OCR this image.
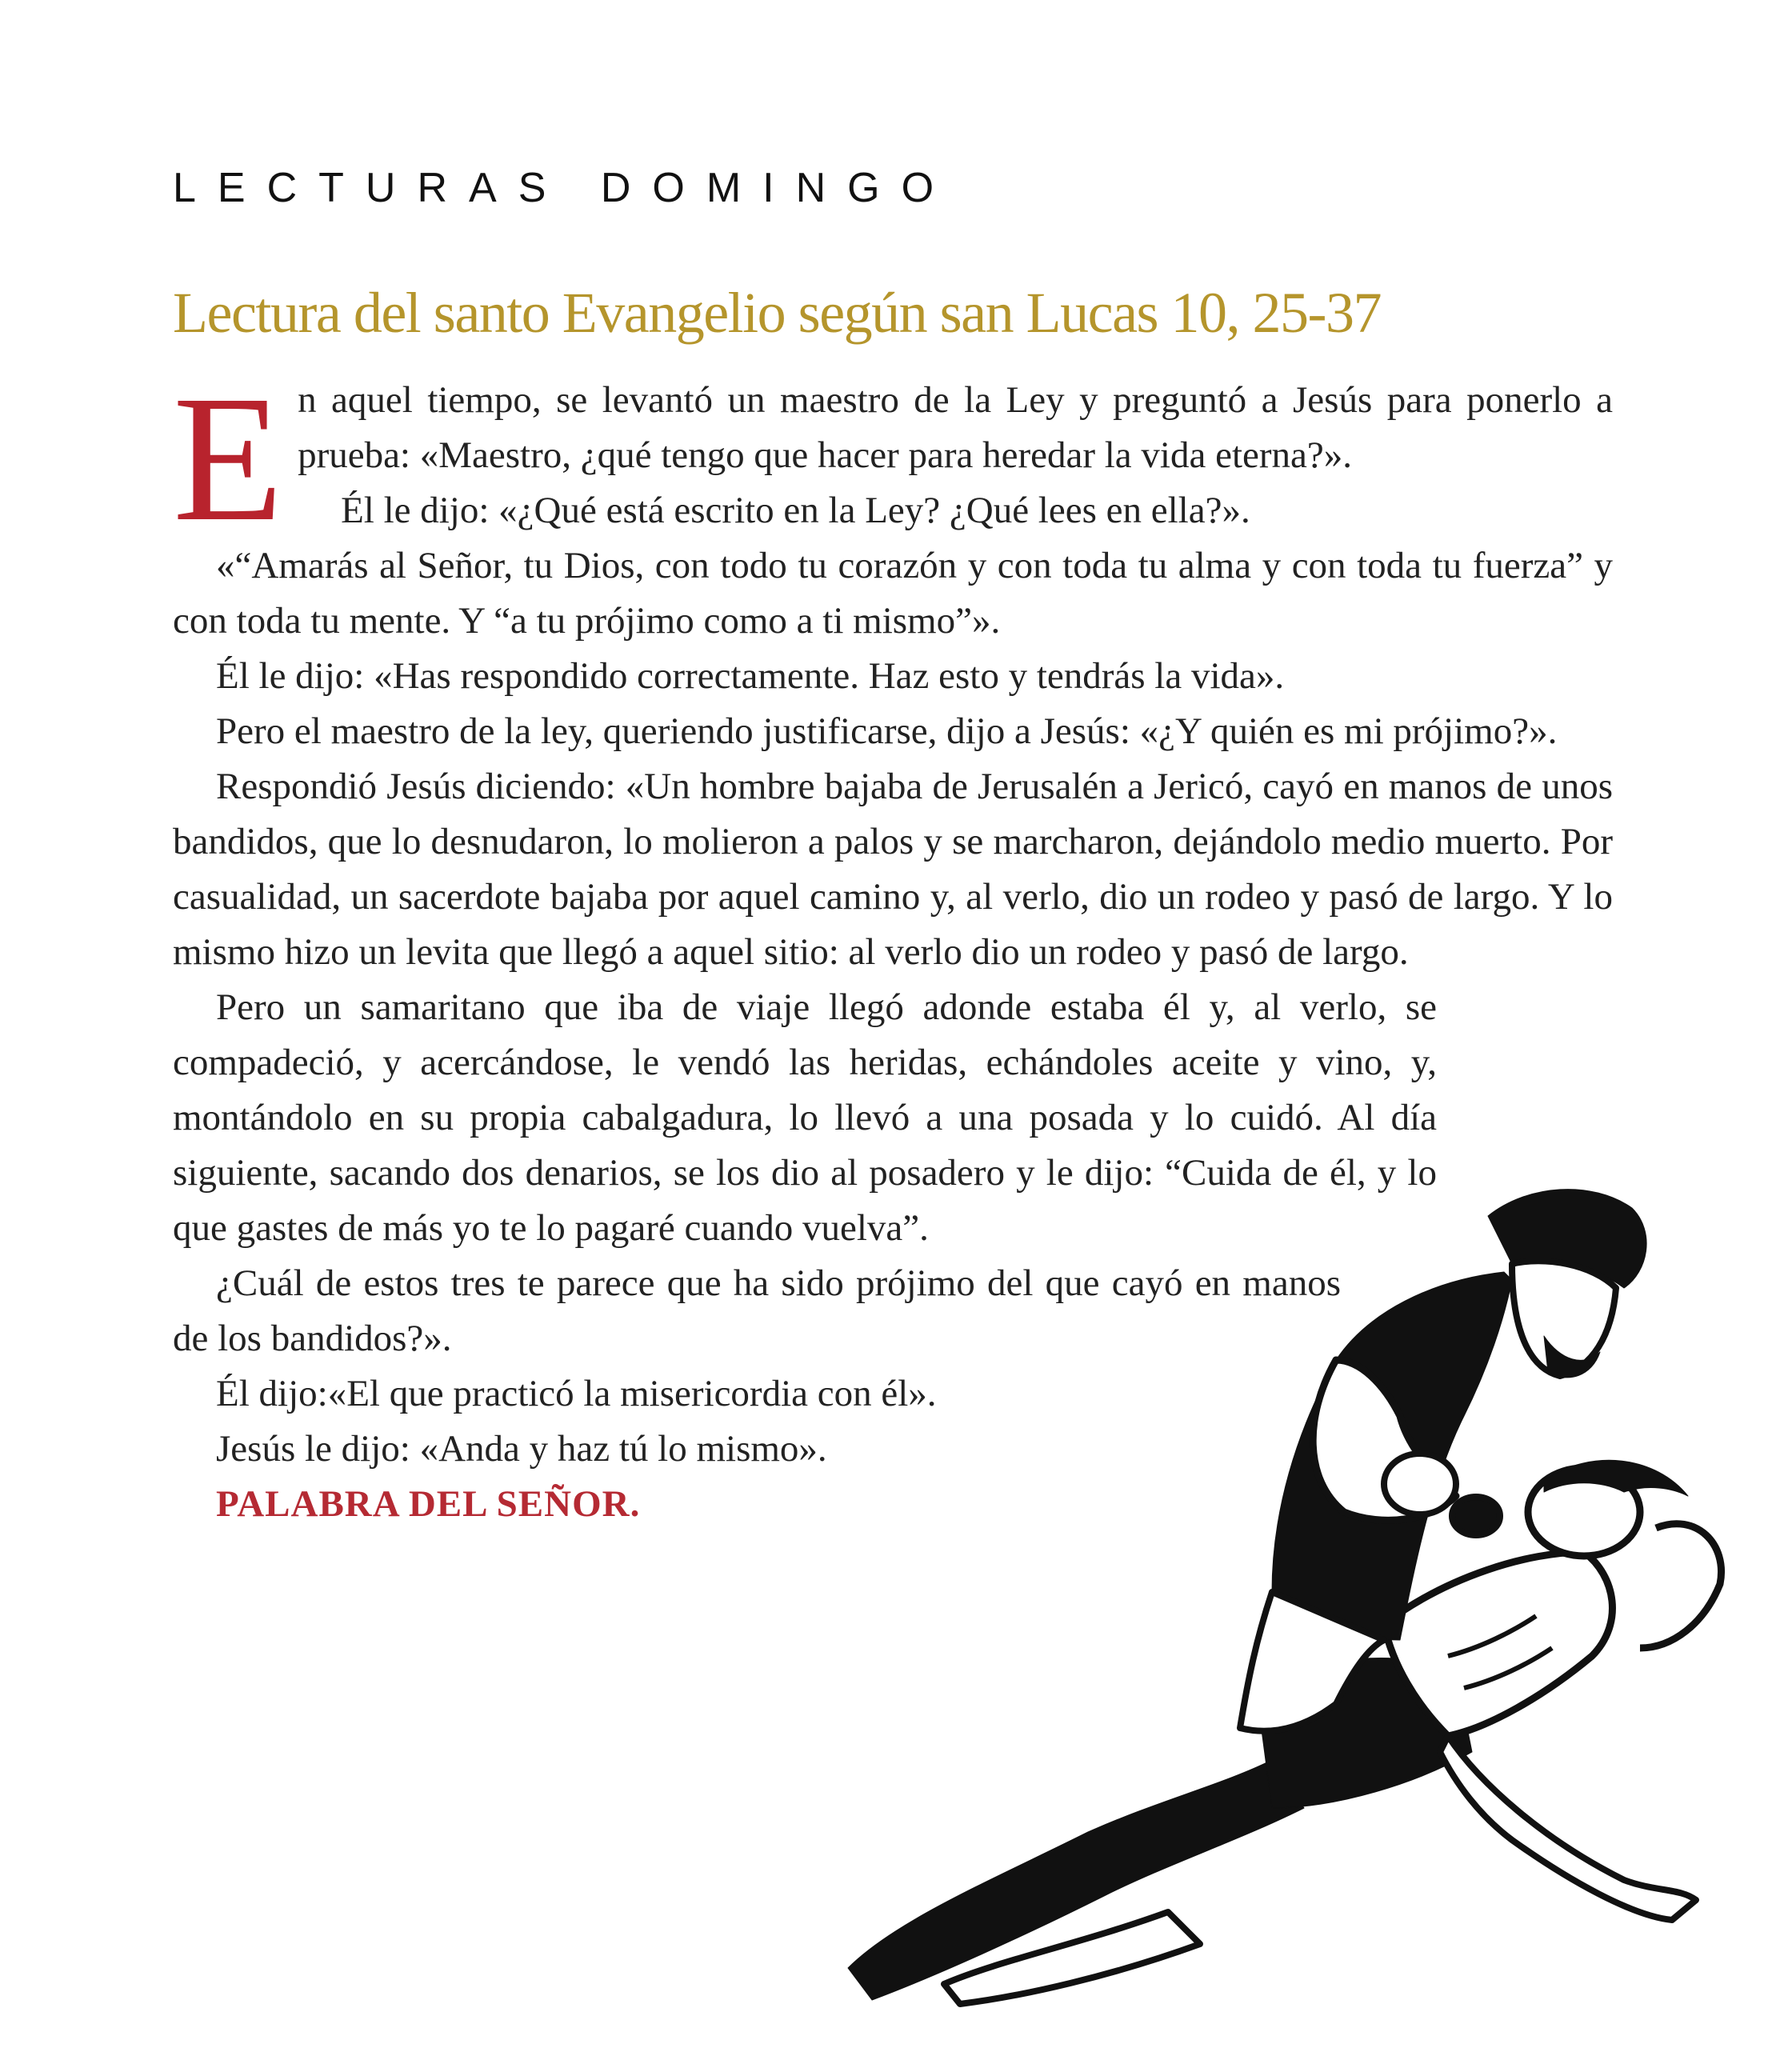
LECTURAS DOMINGO
Lectura del santo Evangelio según san Lucas 10, 25-37

En aquel tiempo, se levantó un maestro de la Ley y preguntó a Jesús para ponerlo a prueba: «Maestro, ¿qué tengo que hacer para heredar la vida eterna?».

Él le dijo: «¿Qué está escrito en la Ley? ¿Qué lees en ella?».

«“Amarás al Señor, tu Dios, con todo tu corazón y con toda tu alma y con toda tu fuerza” y con toda tu mente. Y “a tu prójimo como a ti mismo”».

Él le dijo: «Has respondido correctamente. Haz esto y tendrás la vida».

Pero el maestro de la ley, queriendo justificarse, dijo a Jesús: «¿Y quién es mi prójimo?».

Respondió Jesús diciendo: «Un hombre bajaba de Jerusalén a Jericó, cayó en manos de unos bandidos, que lo desnudaron, lo molieron a palos y se marcharon, dejándolo medio muerto. Por casualidad, un sacerdote bajaba por aquel camino y, al verlo, dio un rodeo y pasó de largo. Y lo mismo hizo un levita que llegó a aquel sitio: al verlo dio un rodeo y pasó de largo.

Pero un samaritano que iba de viaje llegó adonde estaba él y, al verlo, se compadeció, y acercándose, le vendó las heridas, echándoles aceite y vino, y, montándolo en su propia cabalgadura, lo llevó a una posada y lo cuidó. Al día siguiente, sacando dos denarios, se los dio al posadero y le dijo: “Cuida de él, y lo que gastes de más yo te lo pagaré cuando vuelva”.

¿Cuál de estos tres te parece que ha sido prójimo del que cayó en manos de los bandidos?».

Él dijo:«El que practicó la misericordia con él».

Jesús le dijo: «Anda y haz tú lo mismo».

PALABRA DEL SEÑOR.
